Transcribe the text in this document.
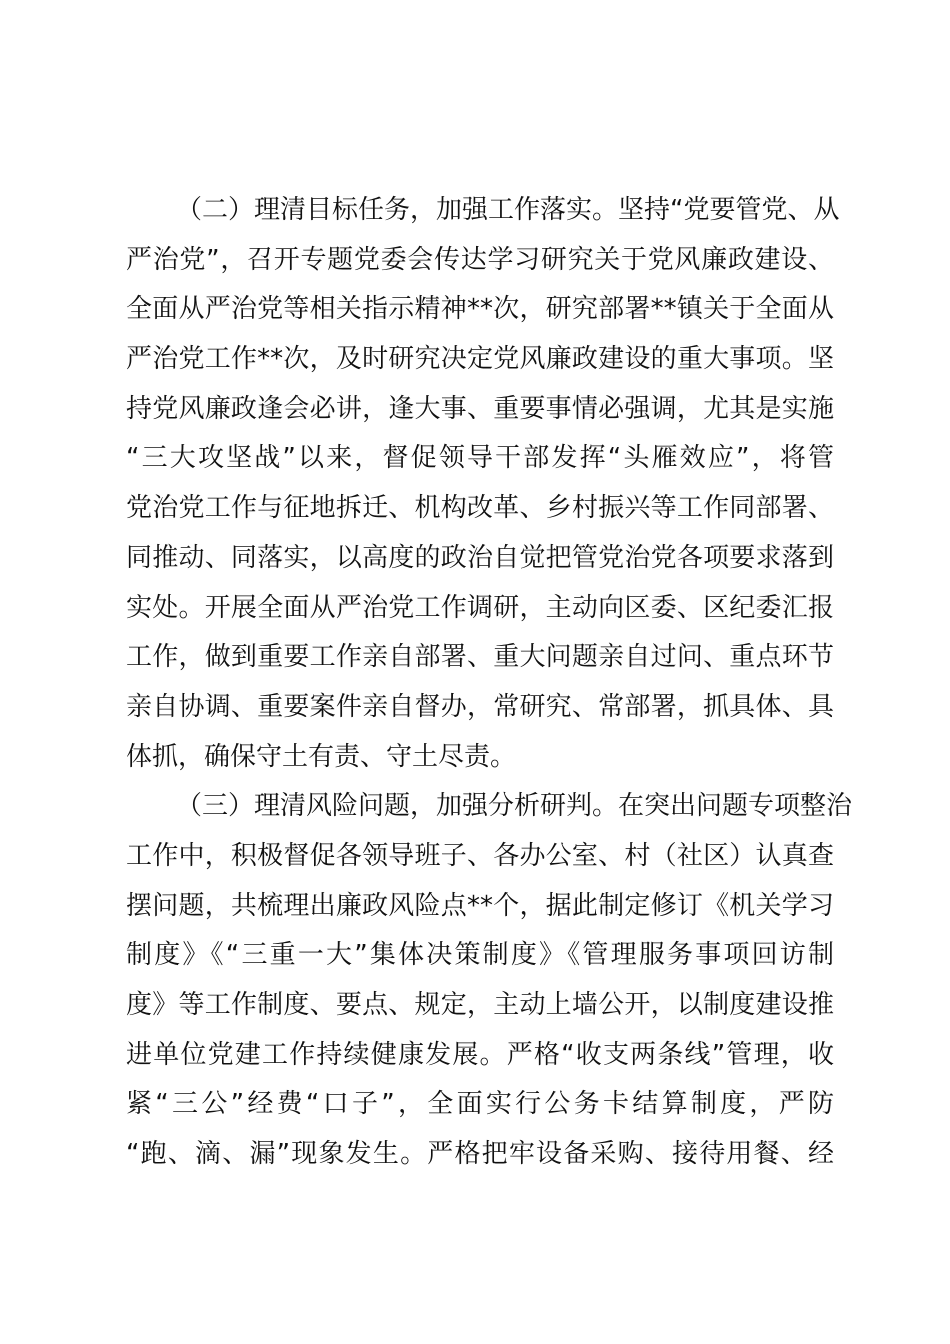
（二）理清目标任务，加强工作落实。坚持“党要管党、从
严治党”，召开专题党委会传达学习研究关于党风廉政建设、
全面从严治党等相关指示精神**次，研究部署**镇关于全面从
严治党工作**次，及时研究决定党风廉政建设的重大事项。坚
持党风廉政逢会必讲，逢大事、重要事情必强调，尤其是实施
“三大攻坚战”以来，督促领导干部发挥“头雁效应”，将管
党治党工作与征地拆迁、机构改革、乡村振兴等工作同部署、
同推动、同落实，以高度的政治自觉把管党治党各项要求落到
实处。开展全面从严治党工作调研，主动向区委、区纪委汇报
工作，做到重要工作亲自部署、重大问题亲自过问、重点环节
亲自协调、重要案件亲自督办，常研究、常部署，抓具体、具
体抓，确保守土有责、守土尽责。
（三）理清风险问题，加强分析研判。在突出问题专项整治
工作中，积极督促各领导班子、各办公室、村（社区）认真查
摆问题，共梳理出廉政风险点**个，据此制定修订《机关学习
制度》《“三重一大”集体决策制度》《管理服务事项回访制
度》等工作制度、要点、规定，主动上墙公开，以制度建设推
进单位党建工作持续健康发展。严格“收支两条线”管理，收
紧“三公”经费“口子”，全面实行公务卡结算制度，严防
“跑、滴、漏”现象发生。严格把牢设备采购、接待用餐、经
